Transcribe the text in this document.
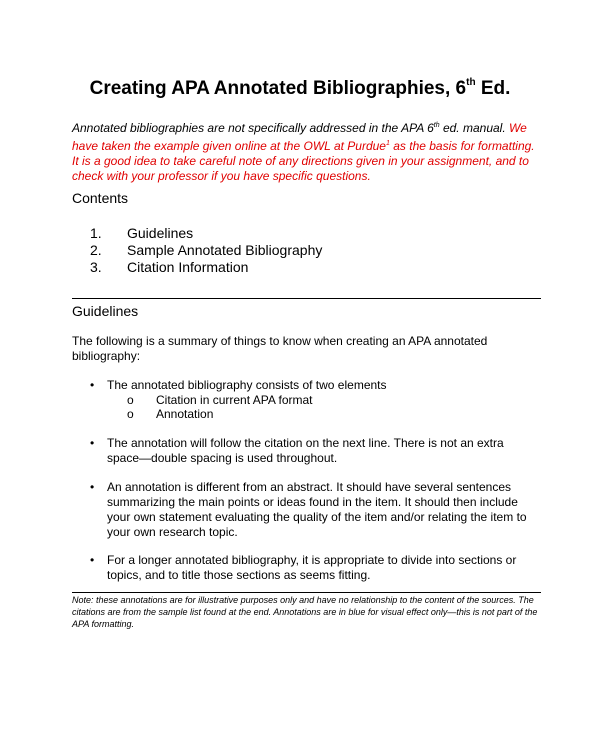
Creating APA Annotated Bibliographies, 6th Ed.

Annotated bibliographies are not specifically addressed in the APA 6th ed. manual. We have taken the example given online at the OWL at Purdue$^1$ as the basis for formatting. It is a good idea to take careful note of any directions given in your assignment, and to check with your professor if you have specific questions.

Contents
1.	Guidelines
2.	Sample Annotated Bibliography
3.	Citation Information
Guidelines

The following is a summary of things to know when creating an APA annotated bibliography:

• The annotated bibliography consists of two elements
o Citation in current APA format
o Annotation
• The annotation will follow the citation on the next line. There is not an extra space—double spacing is used throughout.
• An annotation is different from an abstract. It should have several sentences summarizing the main points or ideas found in the item. It should then include your own statement evaluating the quality of the item and/or relating the item to your own research topic.
• For a longer annotated bibliography, it is appropriate to divide into sections or topics, and to title those sections as seems fitting.

Note: these annotations are for illustrative purposes only and have no relationship to the content of the sources. The citations are from the sample list found at the end. Annotations are in blue for visual effect only—this is not part of the APA formatting.
